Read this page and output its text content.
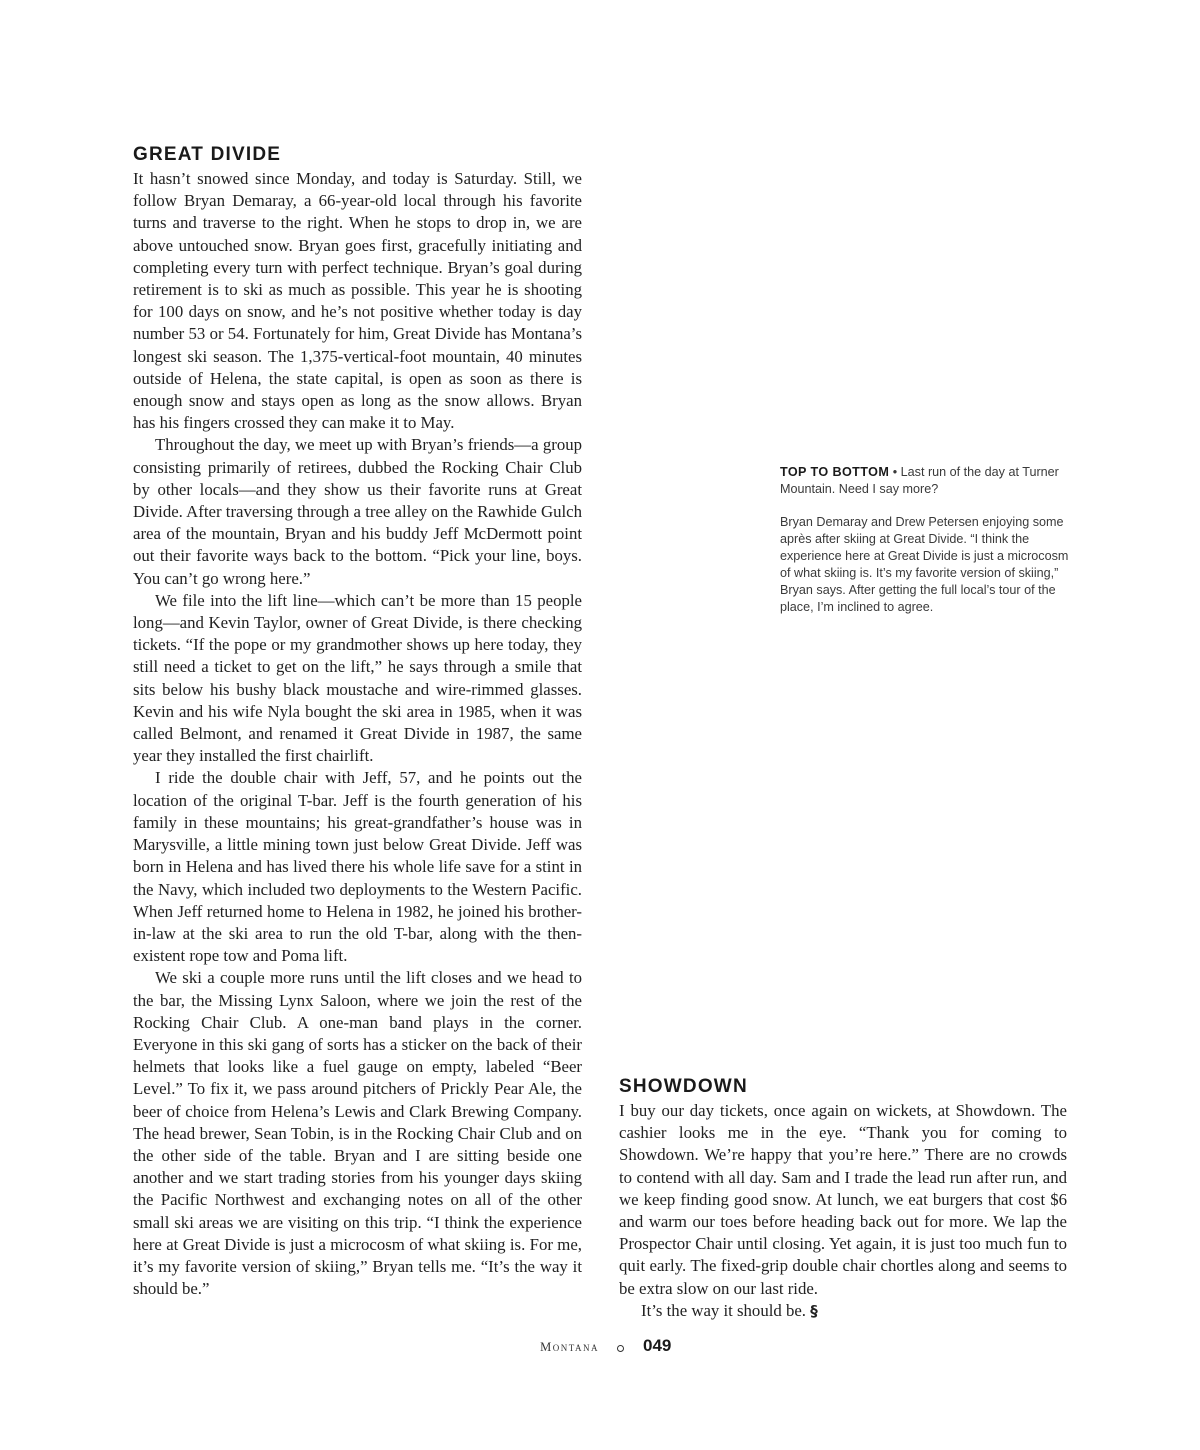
GREAT DIVIDE

It hasn’t snowed since Monday, and today is Saturday. Still, we follow Bryan Demaray, a 66-year-old local through his favorite turns and traverse to the right. When he stops to drop in, we are above untouched snow. Bryan goes first, gracefully initiating and completing every turn with perfect technique. Bryan’s goal during retirement is to ski as much as possible. This year he is shooting for 100 days on snow, and he’s not positive whether today is day number 53 or 54. Fortunately for him, Great Divide has Montana’s longest ski season. The 1,375-vertical-foot mountain, 40 minutes outside of Helena, the state capital, is open as soon as there is enough snow and stays open as long as the snow allows. Bryan has his fingers crossed they can make it to May.

Throughout the day, we meet up with Bryan’s friends—a group consisting primarily of retirees, dubbed the Rocking Chair Club by other locals—and they show us their favorite runs at Great Divide. After traversing through a tree alley on the Rawhide Gulch area of the mountain, Bryan and his buddy Jeff McDermott point out their favorite ways back to the bottom. “Pick your line, boys. You can’t go wrong here.”

We file into the lift line—which can’t be more than 15 people long—and Kevin Taylor, owner of Great Divide, is there checking tickets. “If the pope or my grandmother shows up here today, they still need a ticket to get on the lift,” he says through a smile that sits below his bushy black moustache and wire-rimmed glasses. Kevin and his wife Nyla bought the ski area in 1985, when it was called Belmont, and renamed it Great Divide in 1987, the same year they installed the first chairlift.

I ride the double chair with Jeff, 57, and he points out the location of the original T-bar. Jeff is the fourth generation of his family in these mountains; his great-grandfather’s house was in Marysville, a little mining town just below Great Divide. Jeff was born in Helena and has lived there his whole life save for a stint in the Navy, which included two deployments to the Western Pacific. When Jeff returned home to Helena in 1982, he joined his brother-in-law at the ski area to run the old T-bar, along with the then-existent rope tow and Poma lift.

We ski a couple more runs until the lift closes and we head to the bar, the Missing Lynx Saloon, where we join the rest of the Rocking Chair Club. A one-man band plays in the corner. Everyone in this ski gang of sorts has a sticker on the back of their helmets that looks like a fuel gauge on empty, labeled “Beer Level.” To fix it, we pass around pitchers of Prickly Pear Ale, the beer of choice from Helena’s Lewis and Clark Brewing Company. The head brewer, Sean Tobin, is in the Rocking Chair Club and on the other side of the table. Bryan and I are sitting beside one another and we start trading stories from his younger days skiing the Pacific Northwest and exchanging notes on all of the other small ski areas we are visiting on this trip. “I think the experience here at Great Divide is just a microcosm of what skiing is. For me, it’s my favorite version of skiing,” Bryan tells me. “It’s the way it should be.”

TOP TO BOTTOM • Last run of the day at Turner Mountain. Need I say more?

Bryan Demaray and Drew Petersen enjoying some après after skiing at Great Divide. “I think the experience here at Great Divide is just a microcosm of what skiing is. It’s my favorite version of skiing,” Bryan says. After getting the full local’s tour of the place, I’m inclined to agree.

SHOWDOWN

I buy our day tickets, once again on wickets, at Showdown. The cashier looks me in the eye. “Thank you for coming to Showdown. We’re happy that you’re here.” There are no crowds to contend with all day. Sam and I trade the lead run after run, and we keep finding good snow. At lunch, we eat burgers that cost $6 and warm our toes before heading back out for more. We lap the Prospector Chair until closing. Yet again, it is just too much fun to quit early. The fixed-grip double chair chortles along and seems to be extra slow on our last ride.

It’s the way it should be. §

Montana	049
